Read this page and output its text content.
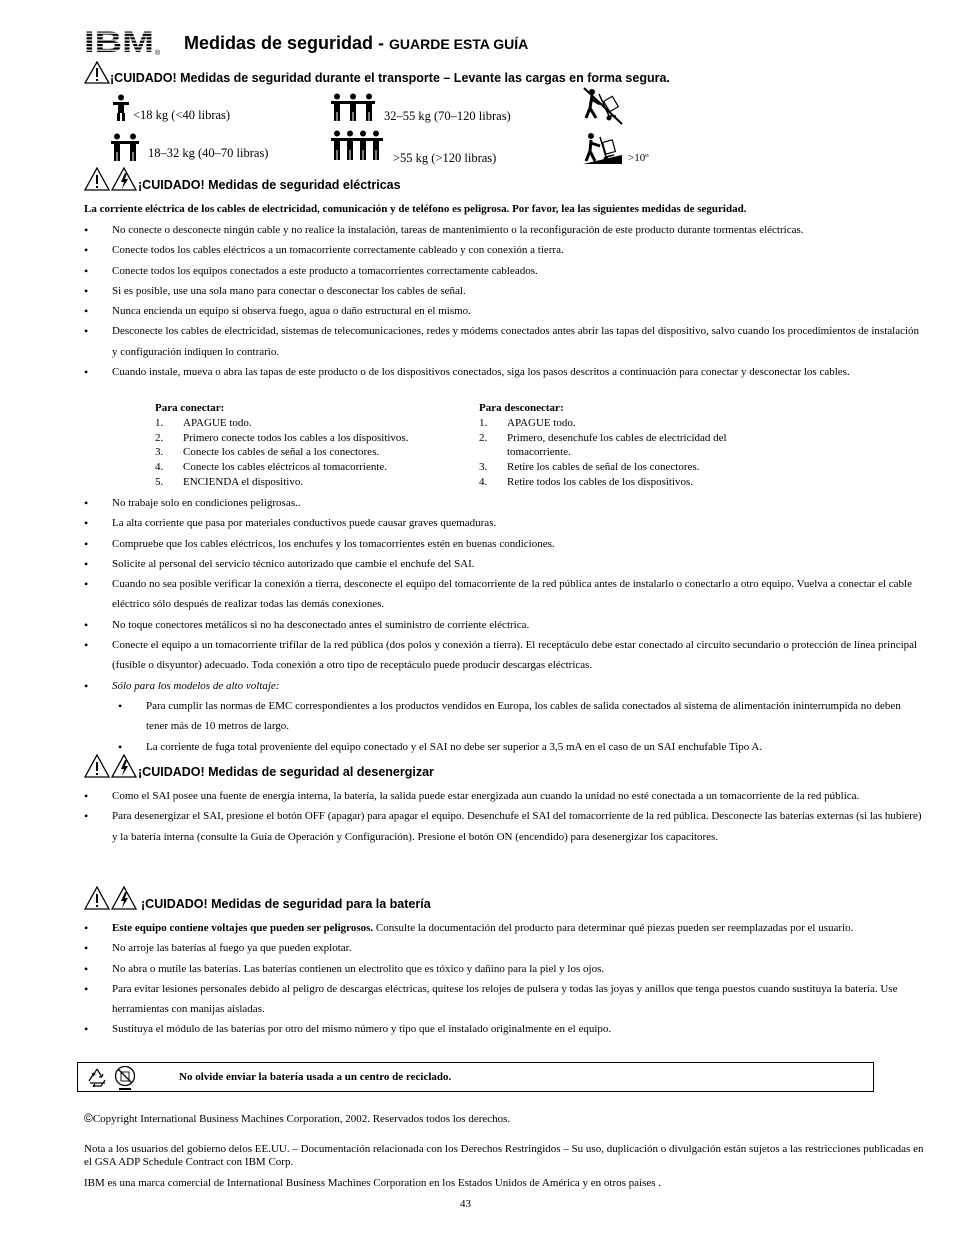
IBM ®
Medidas de seguridad - GUARDE ESTA GUÍA
¡CUIDADO! Medidas de seguridad durante el transporte – Levante las cargas en forma segura.
<18 kg (<40 libras)
18–32 kg (40–70 libras)
32–55 kg (70–120 libras)
>55 kg (>120 libras)	>10º
¡CUIDADO! Medidas de seguridad eléctricas
La corriente eléctrica de los cables de electricidad, comunicación y de teléfono es peligrosa. Por favor, lea las siguientes medidas de seguridad.
• No conecte o desconecte ningún cable y no realice la instalación, tareas de mantenimiento o la reconfiguración de este producto durante tormentas eléctricas.
• Conecte todos los cables eléctricos a un tomacorriente correctamente cableado y con conexión a tierra.
• Conecte todos los equipos conectados a este producto a tomacorrientes correctamente cableados.
• Si es posible, use una sola mano para conectar o desconectar los cables de señal.
• Nunca encienda un equipo si observa fuego, agua o daño estructural en el mismo.
• Desconecte los cables de electricidad, sistemas de telecomunicaciones, redes y módems conectados antes abrir las tapas del dispositivo, salvo cuando los procedimientos de instalación y configuración indiquen lo contrario.
• Cuando instale, mueva o abra las tapas de este producto o de los dispositivos conectados, siga los pasos descritos a continuación para conectar y desconectar los cables.
Para conectar:
1.	APAGUE todo.
2.	Primero conecte todos los cables a los dispositivos.
3.	Conecte los cables de señal a los conectores.
4.	Conecte los cables eléctricos al tomacorriente.
5.	ENCIENDA el dispositivo.
Para desconectar:
1.	APAGUE todo.
2.	Primero, desenchufe los cables de electricidad del tomacorriente.
3.	Retire los cables de señal de los conectores.
4.	Retire todos los cables de los dispositivos.
• No trabaje solo en condiciones peligrosas..
• La alta corriente que pasa por materiales conductivos puede causar graves quemaduras.
• Compruebe que los cables eléctricos, los enchufes y los tomacorrientes estén en buenas condiciones.
• Solicite al personal del servicio técnico autorizado que cambie el enchufe del SAI.
• Cuando no sea posible verificar la conexión a tierra, desconecte el equipo del tomacorriente de la red pública antes de instalarlo o conectarlo a otro equipo. Vuelva a conectar el cable eléctrico sólo después de realizar todas las demás conexiones.
• No toque conectores metálicos si no ha desconectado antes el suministro de corriente eléctrica.
• Conecte el equipo a un tomacorriente trifilar de la red pública (dos polos y conexión a tierra). El receptáculo debe estar conectado al circuito secundario o protección de línea principal (fusible o disyuntor) adecuado. Toda conexión a otro tipo de receptáculo puede producir descargas eléctricas.
• Sólo para los modelos de alto voltaje:
• Para cumplir las normas de EMC correspondientes a los productos vendidos en Europa, los cables de salida conectados al sistema de alimentación ininterrumpida no deben tener más de 10 metros de largo.
• La corriente de fuga total proveniente del equipo conectado y el SAI no debe ser superior a 3,5 mA en el caso de un SAI enchufable Tipo A.
¡CUIDADO! Medidas de seguridad al desenergizar
• Como el SAI posee una fuente de energía interna, la batería, la salida puede estar energizada aun cuando la unidad no esté conectada a un tomacorriente de la red pública.
• Para desenergizar el SAI, presione el botón OFF (apagar) para apagar el equipo. Desenchufe el SAI del tomacorriente de la red pública. Desconecte las baterías externas (si las hubiere) y la batería interna (consulte la Guía de Operación y Configuración). Presione el botón ON (encendido) para desenergizar los capacitores.
¡CUIDADO! Medidas de seguridad para la batería
• Este equipo contiene voltajes que pueden ser peligrosos. Consulte la documentación del producto para determinar qué piezas pueden ser reemplazadas por el usuario.
• No arroje las baterías al fuego ya que pueden explotar.
• No abra o mutile las baterías. Las baterías contienen un electrolito que es tóxico y dañino para la piel y los ojos.
• Para evitar lesiones personales debido al peligro de descargas eléctricas, quítese los relojes de pulsera y todas las joyas y anillos que tenga puestos cuando sustituya la batería. Use herramientas con manijas aisladas.
• Sustituya el módulo de las baterías por otro del mismo número y tipo que el instalado originalmente en el equipo.
No olvide enviar la batería usada a un centro de reciclado.
©Copyright International Business Machines Corporation, 2002. Reservados todos los derechos.
Nota a los usuarios del gobierno delos EE.UU. – Documentación relacionada con los Derechos Restringidos – Su uso, duplicación o divulgación están sujetos a las restricciones publicadas en el GSA ADP Schedule Contract con IBM Corp.
IBM es una marca comercial de International Business Machines Corporation en los Estados Unidos de América y en otros países .
43
